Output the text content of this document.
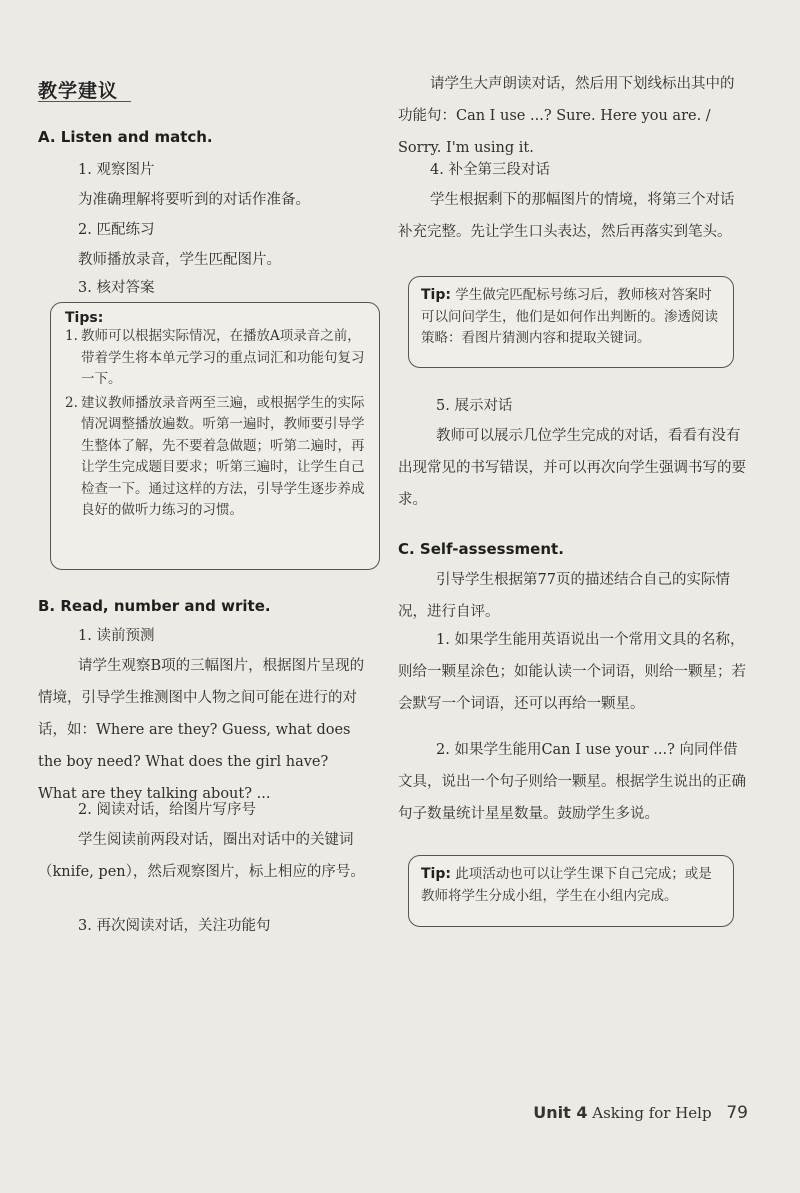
教学建议
A. Listen and match.

1. 观察图片

为准确理解将要听到的对话作准备。

2. 匹配练习

教师播放录音，学生匹配图片。

3. 核对答案

Tips:
1. 教师可以根据实际情况，在播放A项录音之前，带着学生将本单元学习的重点词汇和功能句复习一下。
2. 建议教师播放录音两至三遍，或根据学生的实际情况调整播放遍数。听第一遍时，教师要引导学生整体了解，先不要着急做题；听第二遍时，再让学生完成题目要求；听第三遍时，让学生自己检查一下。通过这样的方法，引导学生逐步养成良好的做听力练习的习惯。
B. Read, number and write.

1. 读前预测

请学生观察B项的三幅图片，根据图片呈现的情境，引导学生推测图中人物之间可能在进行的对话，如：Where are they? Guess, what does the boy need? What does the girl have? What are they talking about? ...

2. 阅读对话，给图片写序号

学生阅读前两段对话，圈出对话中的关键词（knife, pen），然后观察图片，标上相应的序号。

3. 再次阅读对话，关注功能句

请学生大声朗读对话，然后用下划线标出其中的功能句：Can I use ...? Sure. Here you are. / Sorry. I'm using it.

4. 补全第三段对话

学生根据剩下的那幅图片的情境，将第三个对话补充完整。先让学生口头表达，然后再落实到笔头。

Tip: 学生做完匹配标号练习后，教师核对答案时可以问问学生，他们是如何作出判断的。渗透阅读策略：看图片猜测内容和提取关键词。

5. 展示对话

教师可以展示几位学生完成的对话，看看有没有出现常见的书写错误，并可以再次向学生强调书写的要求。

C. Self-assessment.

引导学生根据第77页的描述结合自己的实际情况，进行自评。

1. 如果学生能用英语说出一个常用文具的名称，则给一颗星涂色；如能认读一个词语，则给一颗星；若会默写一个词语，还可以再给一颗星。

2. 如果学生能用Can I use your ...? 向同伴借文具，说出一个句子则给一颗星。根据学生说出的正确句子数量统计星星数量。鼓励学生多说。

Tip: 此项活动也可以让学生课下自己完成；或是教师将学生分成小组，学生在小组内完成。
Unit 4 Asking for Help 79
